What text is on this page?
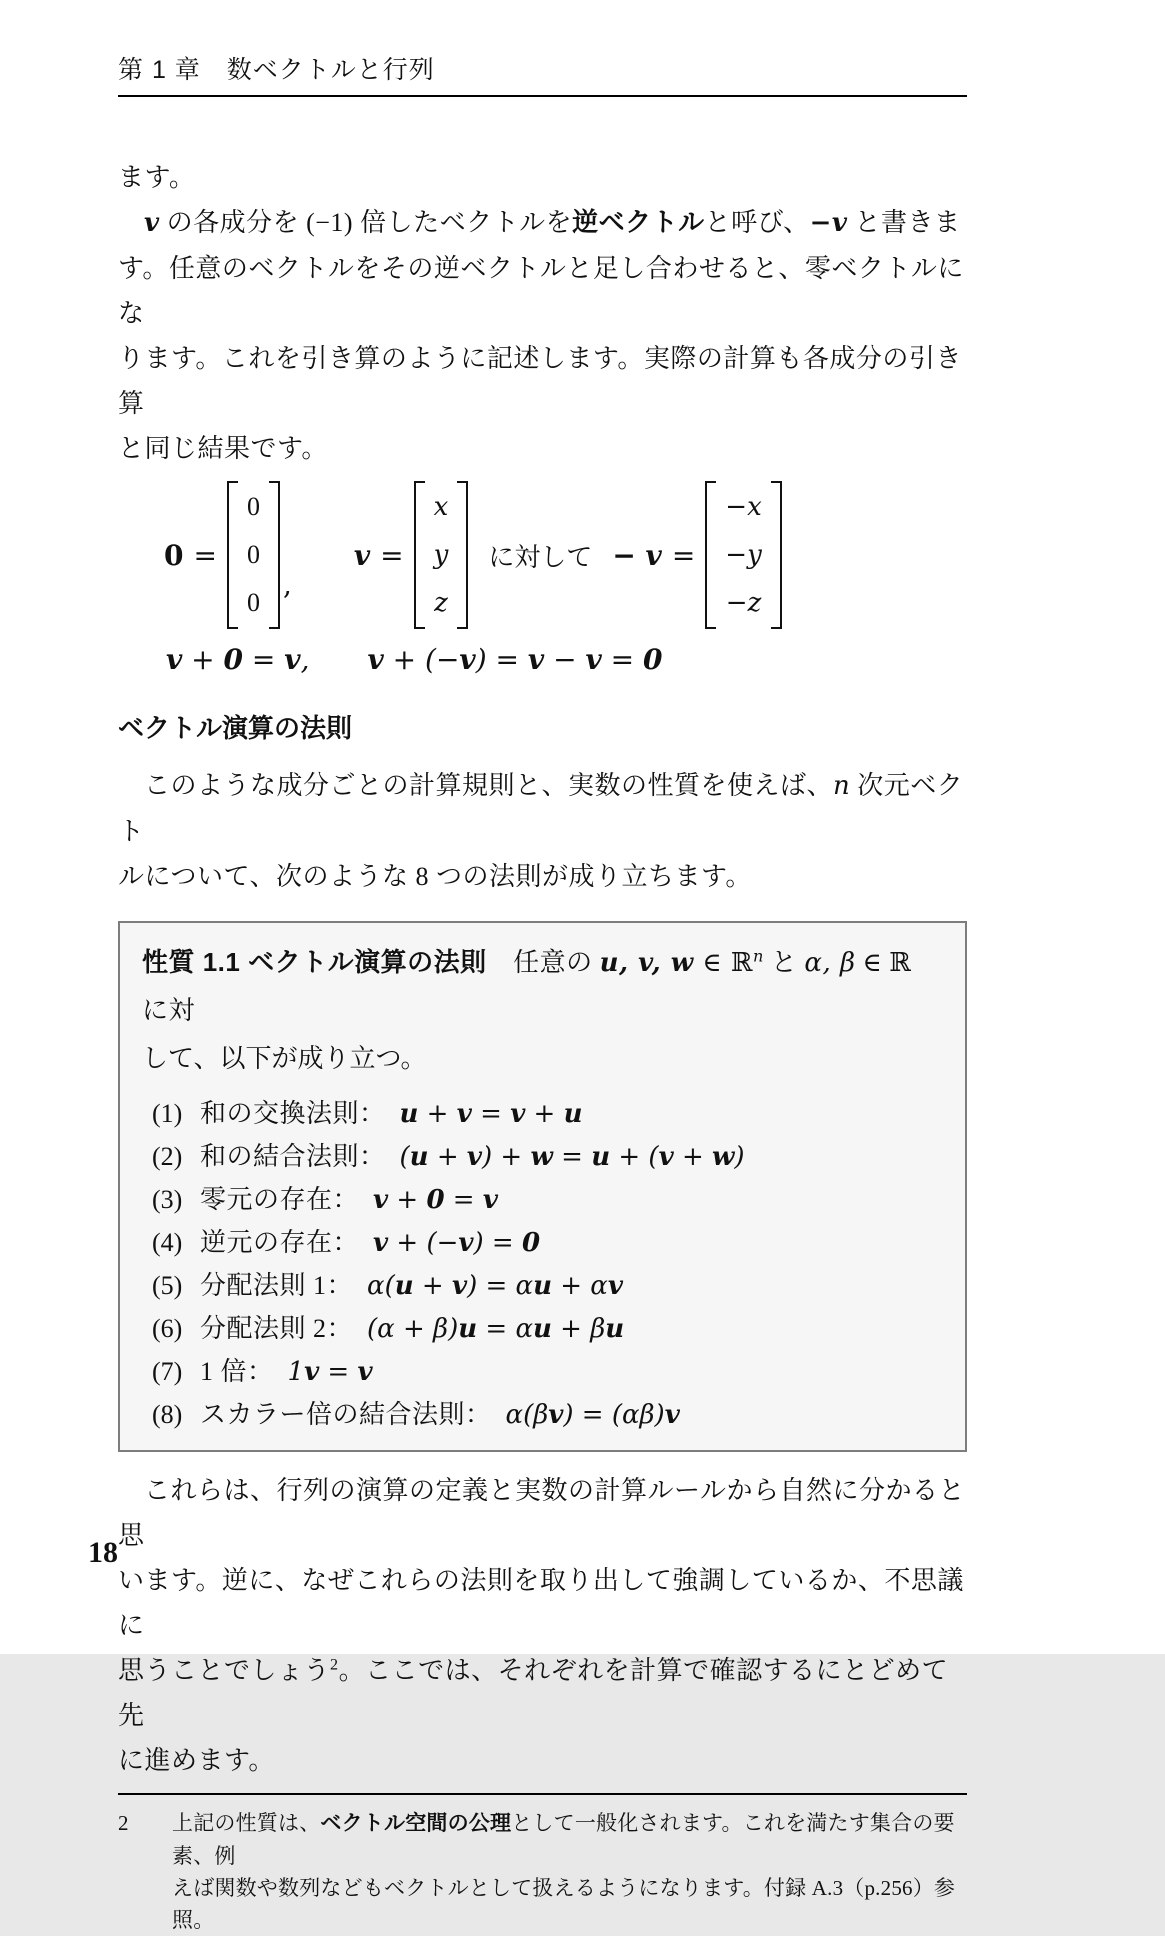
第 1 章　数ベクトルと行列
ます。
v の各成分を (−1) 倍したベクトルを逆ベクトルと呼び、−v と書きま
す。任意のベクトルをその逆ベクトルと足し合わせると、零ベクトルにな
ります。これを引き算のように記述します。実際の計算も各成分の引き算
と同じ結果です。
0 =
0
0
0
,
v =
x
y
z
に対して − v =
−x
−y
−z
v + 0 = v, v + (−v) = v − v = 0
ベクトル演算の法則
このような成分ごとの計算規則と、実数の性質を使えば、n 次元ベクト
ルについて、次のような 8 つの法則が成り立ちます。
性質 1.1 ベクトル演算の法則　任意の u, v, w ∈ ℝ$^n$ と α, β ∈ ℝ に対
して、以下が成り立つ。
(1) 和の交換法則： u + v = v + u
(2) 和の結合法則： (u + v) + w = u + (v + w)
(3) 零元の存在： v + 0 = v
(4) 逆元の存在： v + (−v) = 0
(5) 分配法則 1： α(u + v) = αu + αv
(6) 分配法則 2： (α + β)u = αu + βu
(7) 1 倍： 1v = v
(8) スカラー倍の結合法則： α(βv) = (αβ)v
これらは、行列の演算の定義と実数の計算ルールから自然に分かると思
います。逆に、なぜこれらの法則を取り出して強調しているか、不思議に
思うことでしょう$^2$。ここでは、それぞれを計算で確認するにとどめて先
に進めます。
2	上記の性質は、ベクトル空間の公理として一般化されます。これを満たす集合の要素、例
えば関数や数列などもベクトルとして扱えるようになります。付録 A.3（p.256）参照。
18
